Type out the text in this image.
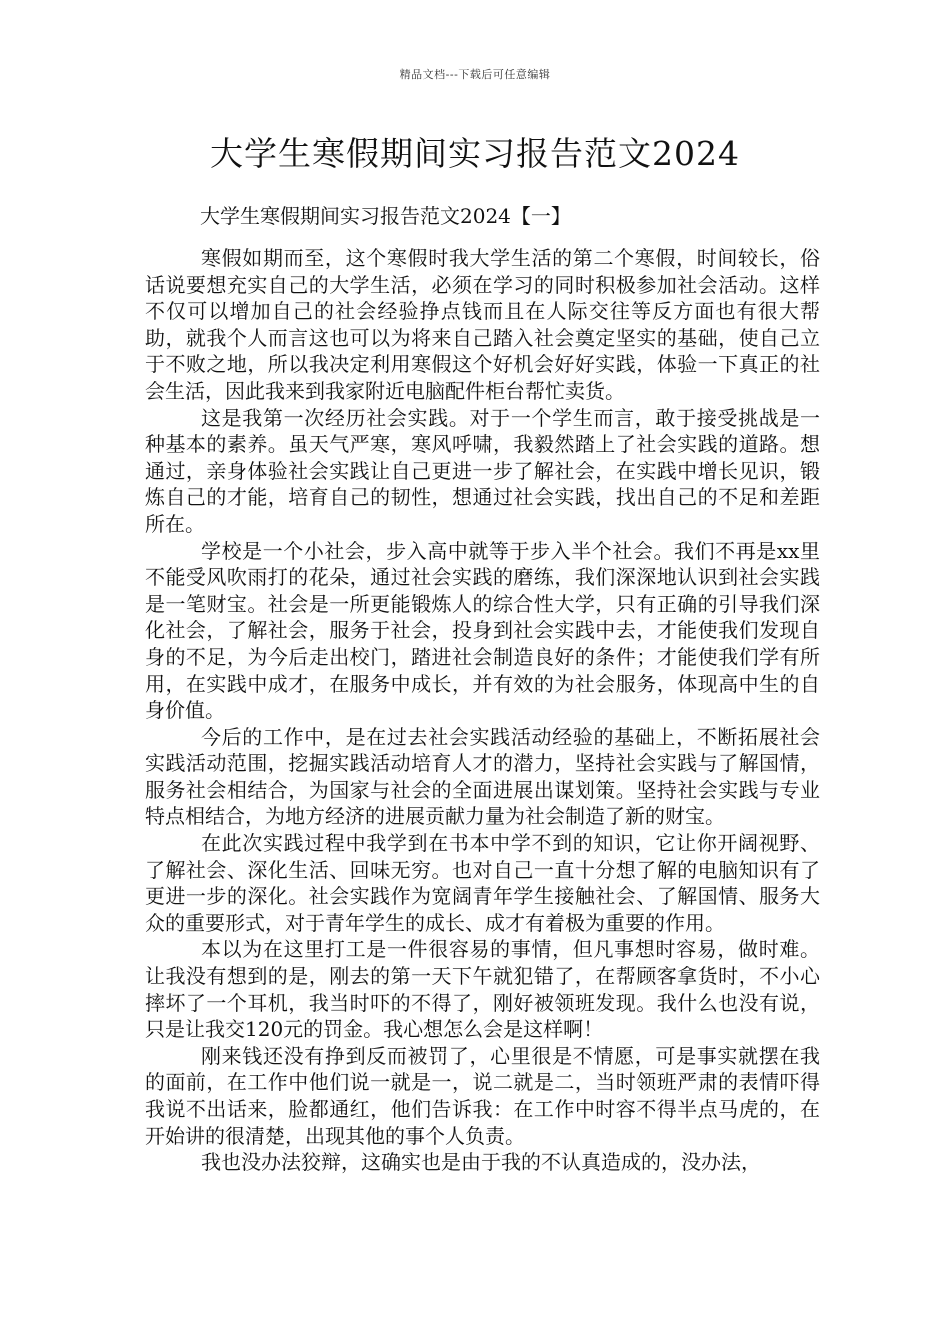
精品文档---下载后可任意编辑
大学生寒假期间实习报告范文2024

大学生寒假期间实习报告范文2024【一】

寒假如期而至，这个寒假时我大学生活的第二个寒假，时间较长，俗话说要想充实自己的大学生活，必须在学习的同时积极参加社会活动。这样不仅可以增加自己的社会经验挣点钱而且在人际交往等反方面也有很大帮助，就我个人而言这也可以为将来自己踏入社会奠定坚实的基础，使自己立于不败之地，所以我决定利用寒假这个好机会好好实践，体验一下真正的社会生活，因此我来到我家附近电脑配件柜台帮忙卖货。

这是我第一次经历社会实践。对于一个学生而言，敢于接受挑战是一种基本的素养。虽天气严寒，寒风呼啸，我毅然踏上了社会实践的道路。想通过，亲身体验社会实践让自己更进一步了解社会，在实践中增长见识，锻炼自己的才能，培育自己的韧性，想通过社会实践，找出自己的不足和差距所在。

学校是一个小社会，步入高中就等于步入半个社会。我们不再是xx里不能受风吹雨打的花朵，通过社会实践的磨练，我们深深地认识到社会实践是一笔财宝。社会是一所更能锻炼人的综合性大学，只有正确的引导我们深化社会，了解社会，服务于社会，投身到社会实践中去，才能使我们发现自身的不足，为今后走出校门，踏进社会制造良好的条件；才能使我们学有所用，在实践中成才，在服务中成长，并有效的为社会服务，体现高中生的自身价值。

今后的工作中，是在过去社会实践活动经验的基础上，不断拓展社会实践活动范围，挖掘实践活动培育人才的潜力，坚持社会实践与了解国情，服务社会相结合，为国家与社会的全面进展出谋划策。坚持社会实践与专业特点相结合，为地方经济的进展贡献力量为社会制造了新的财宝。

在此次实践过程中我学到在书本中学不到的知识，它让你开阔视野、了解社会、深化生活、回味无穷。也对自己一直十分想了解的电脑知识有了更进一步的深化。社会实践作为宽阔青年学生接触社会、了解国情、服务大众的重要形式，对于青年学生的成长、成才有着极为重要的作用。

本以为在这里打工是一件很容易的事情，但凡事想时容易，做时难。让我没有想到的是，刚去的第一天下午就犯错了，在帮顾客拿货时，不小心摔坏了一个耳机，我当时吓的不得了，刚好被领班发现。我什么也没有说，只是让我交120元的罚金。我心想怎么会是这样啊！

刚来钱还没有挣到反而被罚了，心里很是不情愿，可是事实就摆在我的面前，在工作中他们说一就是一，说二就是二，当时领班严肃的表情吓得我说不出话来，脸都通红，他们告诉我：在工作中时容不得半点马虎的，在开始讲的很清楚，出现其他的事个人负责。

我也没办法狡辩，这确实也是由于我的不认真造成的，没办法，
